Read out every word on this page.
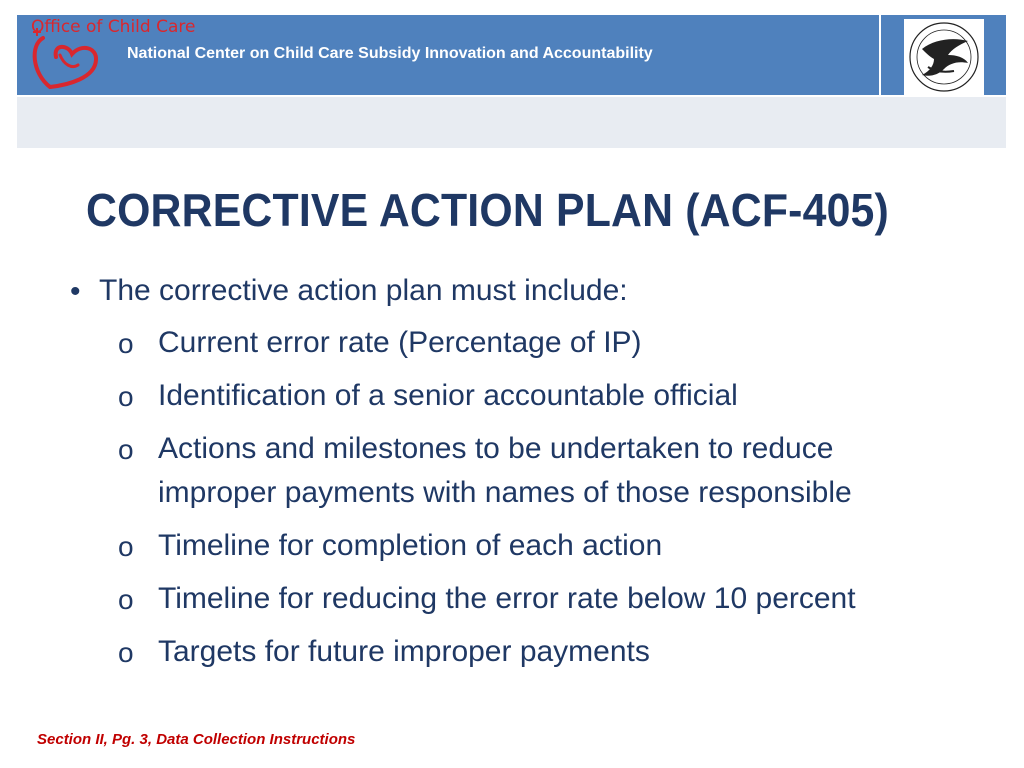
Office of Child Care
National Center on Child Care Subsidy Innovation and Accountability
CORRECTIVE ACTION PLAN (ACF-405)
• The corrective action plan must include:
o Current error rate (Percentage of IP)
o Identification of a senior accountable official
o Actions and milestones to be undertaken to reduce
improper payments with names of those responsible
o Timeline for completion of each action
o Timeline for reducing the error rate below 10 percent
o Targets for future improper payments
Section II, Pg. 3, Data Collection Instructions
